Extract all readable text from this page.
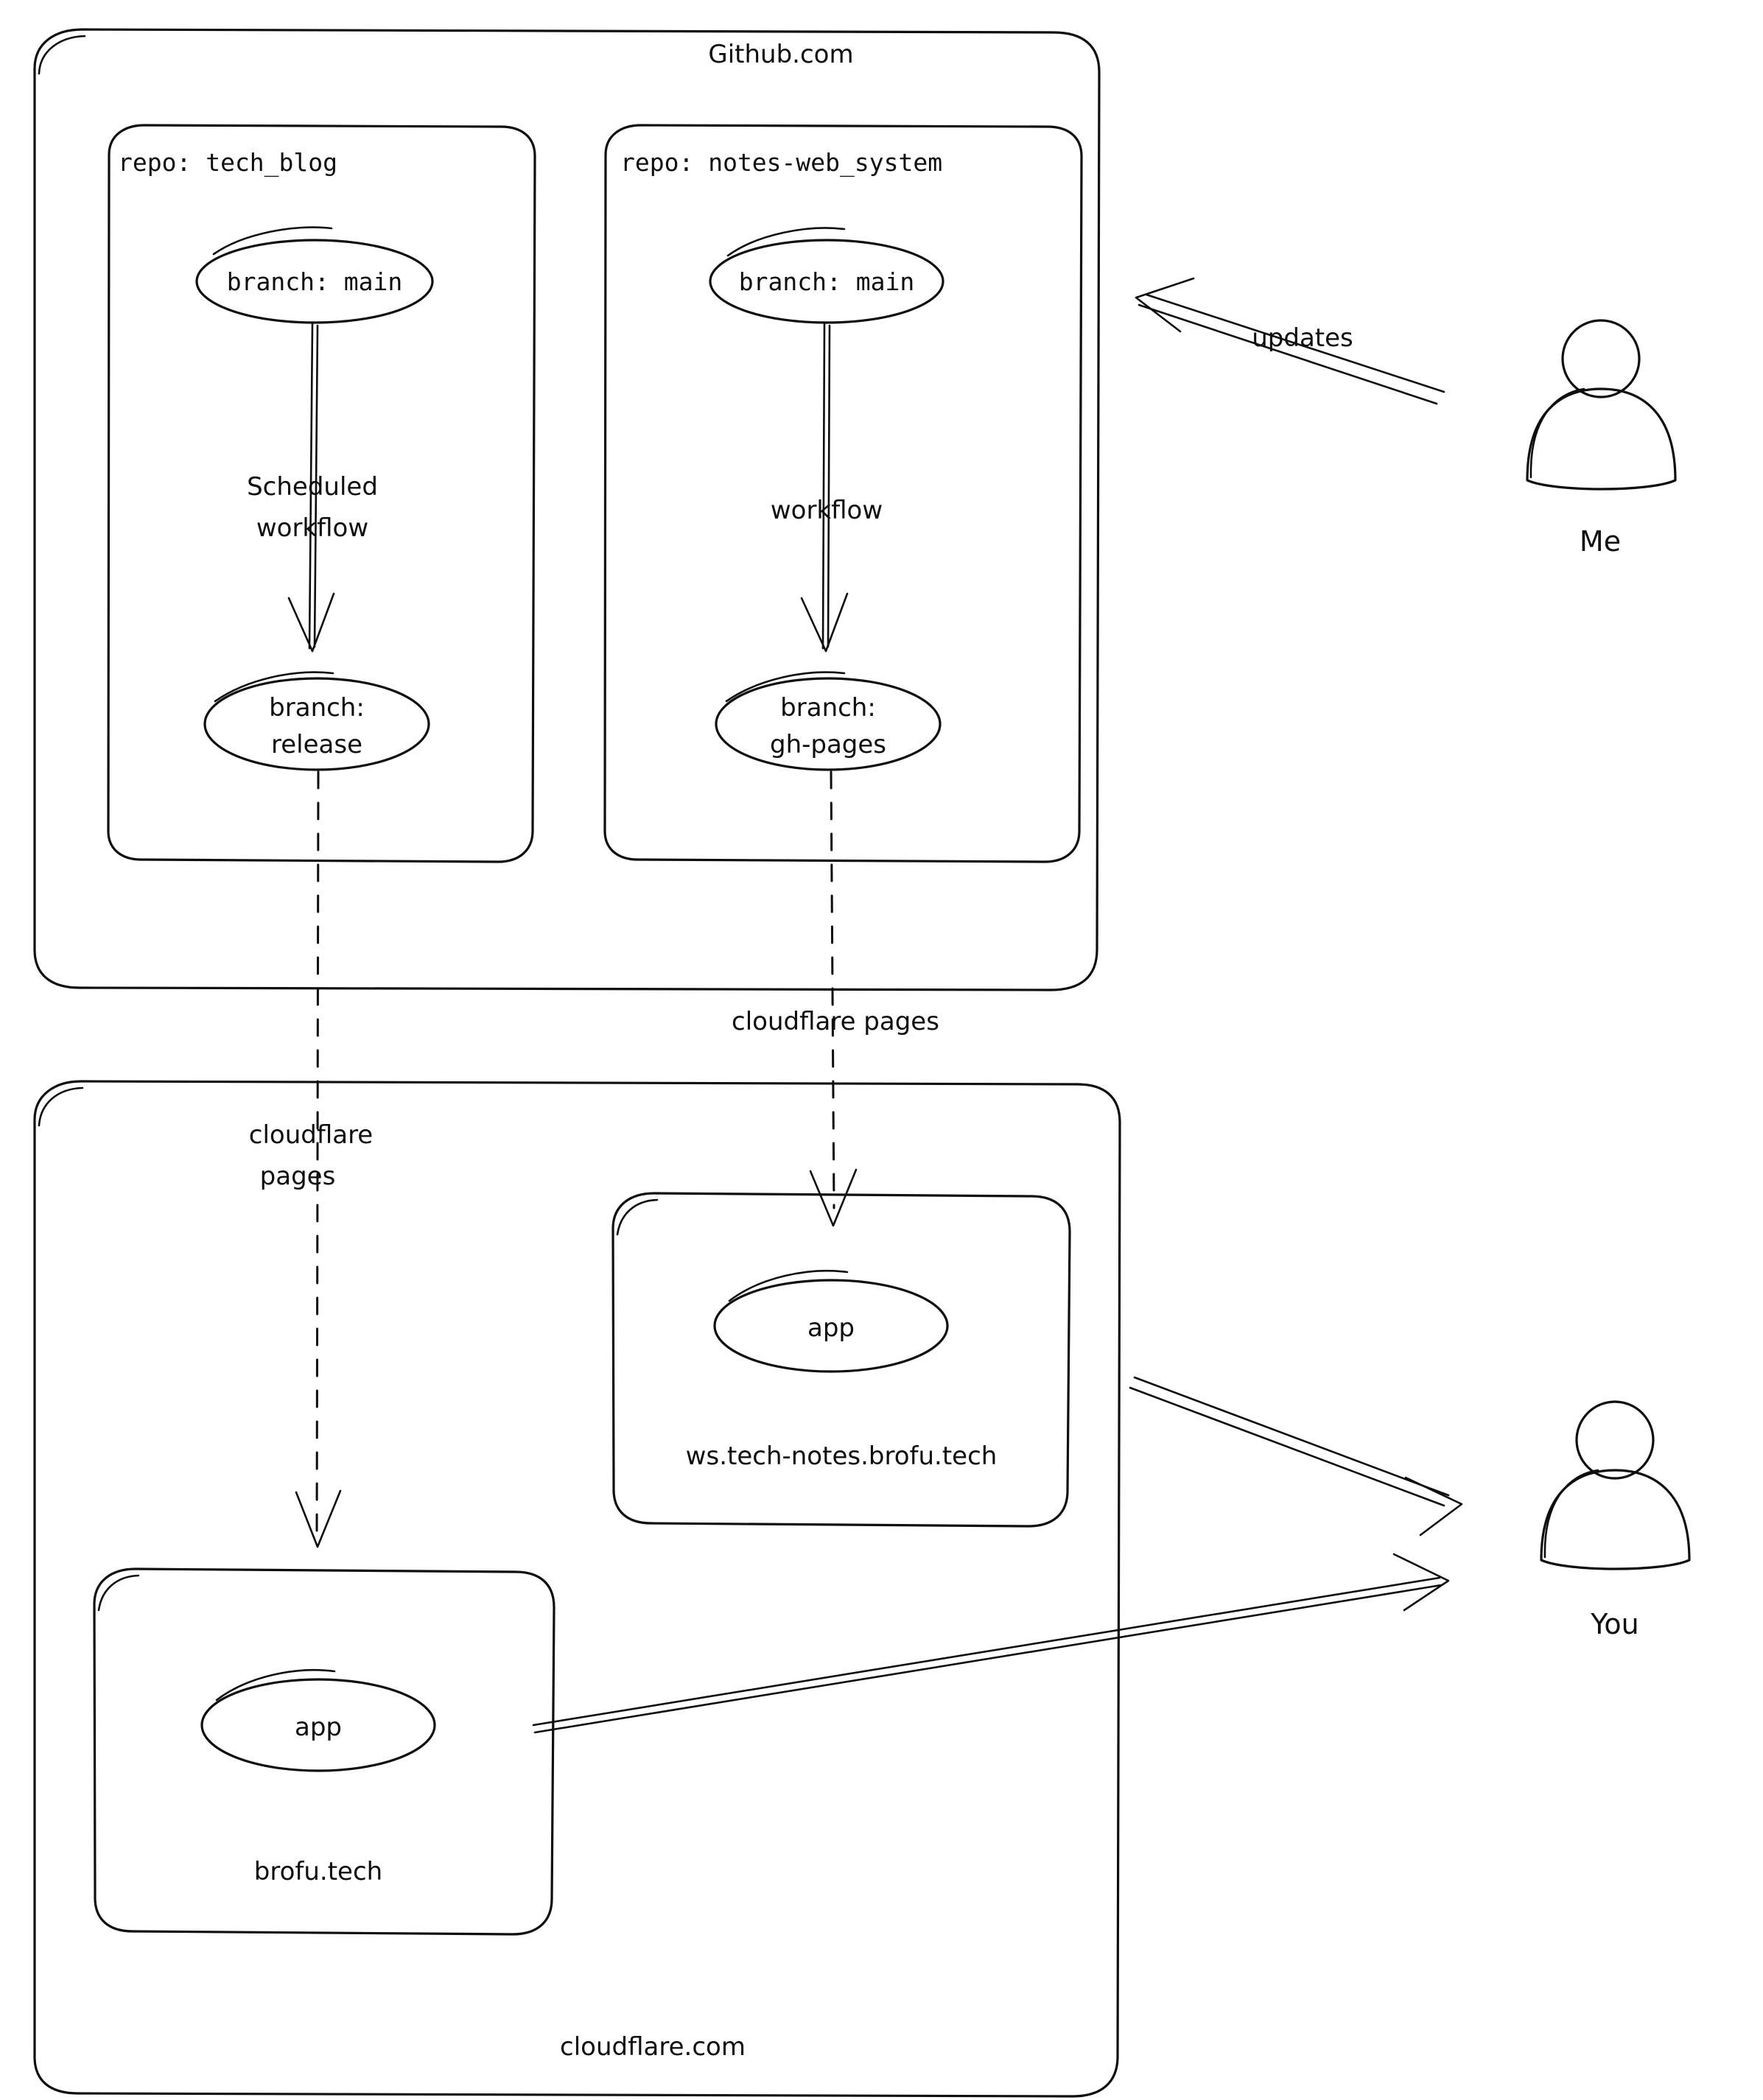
Github.com
repo: tech_blog
branch: main
Scheduled
workflow
branch:
release
repo: notes-web_system
branch: main
workflow
branch:
gh-pages
cloudflare
pages
cloudflare pages
cloudflare.com
app
ws.tech-notes.brofu.tech
app
brofu.tech
Me
updates
You
